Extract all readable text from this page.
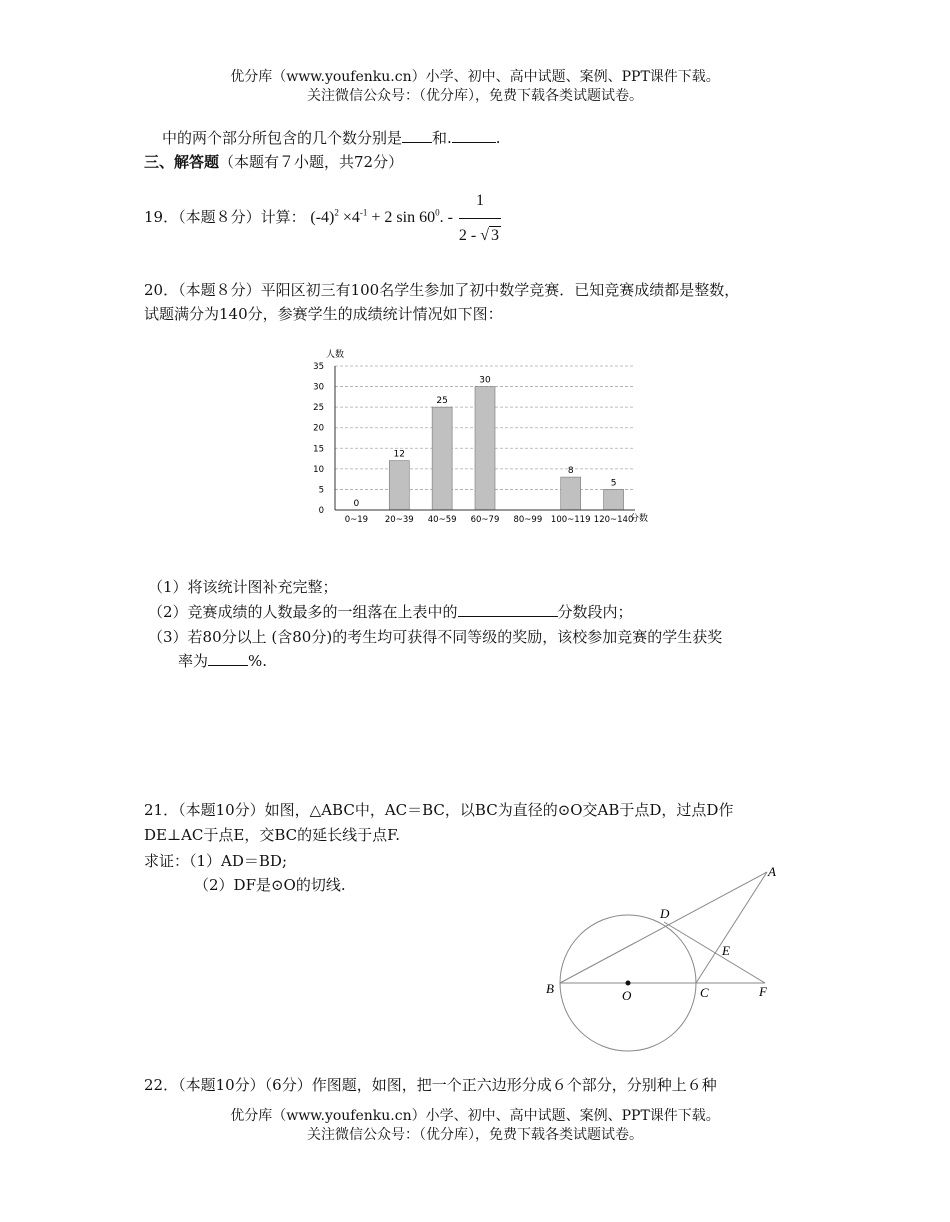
优分库（www.youfenku.cn）小学、初中、高中试题、案例、PPT课件下载。
关注微信公众号：（优分库），免费下载各类试题试卷。
中的两个部分所包含的几个数分别是 和.	.
三、解答题（本题有７小题，共72分）
19．（本题８分）计算： $(-4)^2 \times 4^{-1} + 2$ $\sin 60^0$. - $\frac{1}{2 - √ 3}$
20．（本题８分）平阳区初三有100名学生参加了初中数学竞赛．已知竞赛成绩都是整数，
试题满分为140分，参赛学生的成绩统计情况如下图：
0
5
10
15
20
25
30
35
0
12
25
30
8
5
0~19 20~39 40~59 60~79 80~99 100~119 120~140
人数
分数
（1）将该统计图补充完整；
（2）竞赛成绩的人数最多的一组落在上表中的	分数段内；
（3）若80分以上 (含80分)的考生均可获得不同等级的奖励，该校参加竞赛的学生获奖
率为	%.
21．（本题10分）如图，△ABC中，AC＝BC，以BC为直径的⊙O交AB于点D，过点D作
DE⊥AC于点E，交BC的延长线于点F.
求证：（1）AD＝BD;
（2）DF是⊙O的切线.
A
B	C
D
E
F
O
22．（本题10分）（6分）作图题，如图，把一个正六边形分成６个部分，分别种上６种
优分库（www.youfenku.cn）小学、初中、高中试题、案例、PPT课件下载。
关注微信公众号：（优分库），免费下载各类试题试卷。
